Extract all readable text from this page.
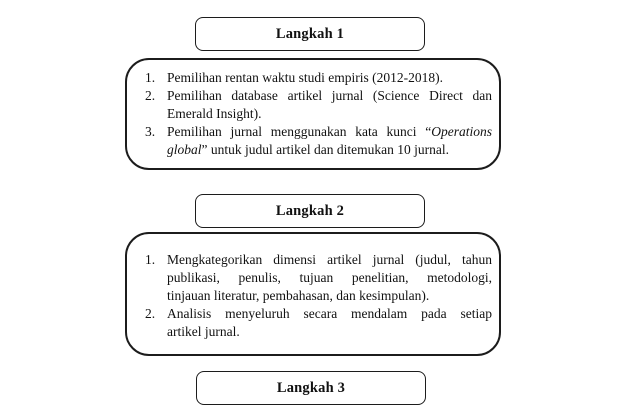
Langkah 1
1. Pemilihan rentan waktu studi empiris (2012-2018).
2. Pemilihan database artikel jurnal (Science Direct dan
Emerald Insight).
3. Pemilihan jurnal menggunakan kata kunci “Operations
global” untuk judul artikel dan ditemukan 10 jurnal.
Langkah 2
1. Mengkategorikan dimensi artikel jurnal (judul, tahun
publikasi, penulis, tujuan penelitian, metodologi,
tinjauan literatur, pembahasan, dan kesimpulan).
2. Analisis menyeluruh secara mendalam pada setiap
artikel jurnal.
Langkah 3
